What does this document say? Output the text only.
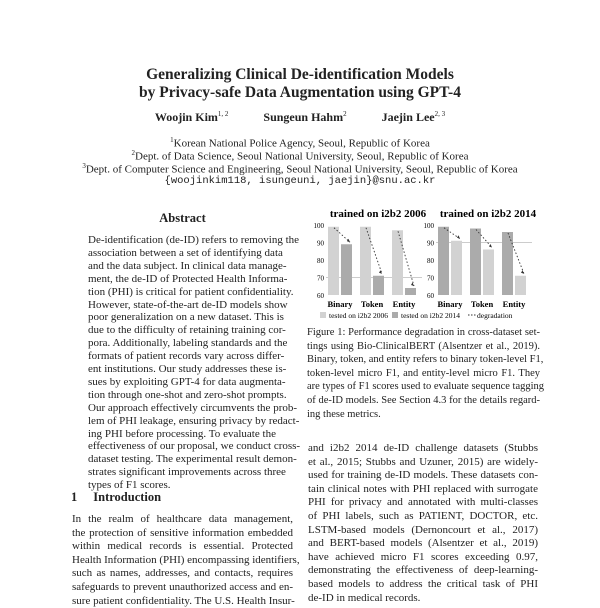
Generalizing Clinical De-identification Models
by Privacy-safe Data Augmentation using GPT-4
Woojin Kim$^{1, 2}$	Sungeun Hahm$^2$	Jaejin Lee$^{2, 3}$
$^1$Korean National Police Agency, Seoul, Republic of Korea
$^2$Dept. of Data Science, Seoul National University, Seoul, Republic of Korea
$^3$Dept. of Computer Science and Engineering, Seoul National University, Seoul, Republic of Korea
{woojinkim118, isungeuni, jaejin}@snu.ac.kr
Abstract
De-identification (de-ID) refers to removing the
association between a set of identifying data
and the data subject. In clinical data manage-
ment, the de-ID of Protected Health Informa-
tion (PHI) is critical for patient confidentiality.
However, state-of-the-art de-ID models show
poor generalization on a new dataset. This is
due to the difficulty of retaining training cor-
pora. Additionally, labeling standards and the
formats of patient records vary across differ-
ent institutions. Our study addresses these is-
sues by exploiting GPT-4 for data augmenta-
tion through one-shot and zero-shot prompts.
Our approach effectively circumvents the prob-
lem of PHI leakage, ensuring privacy by redact-
ing PHI before processing. To evaluate the
effectiveness of our proposal, we conduct cross-
dataset testing. The experimental result demon-
strates significant improvements across three
types of F1 scores.
1 Introduction
In the realm of healthcare data management,
the protection of sensitive information embedded
within medical records is essential. Protected
Health Information (PHI) encompassing identifiers,
such as names, addresses, and contacts, requires
safeguards to prevent unauthorized access and en-
sure patient confidentiality. The U.S. Health Insur-
trained on i2b2 2006
60
70
80
90
100
Binary Token Entity
trained on i2b2 2014
60
70
80
90
100
Binary Token Entity
tested on i2b2 2006 tested on i2b2 2014 degradation
Figure 1: Performance degradation in cross-dataset set-
tings using Bio-ClinicalBERT (Alsentzer et al., 2019).
Binary, token, and entity refers to binary token-level F1,
token-level micro F1, and entity-level micro F1. They
are types of F1 scores used to evaluate sequence tagging
of de-ID models. See Section 4.3 for the details regard-
ing these metrics.
and i2b2 2014 de-ID challenge datasets (Stubbs
et al., 2015; Stubbs and Uzuner, 2015) are widely-
used for training de-ID models. These datasets con-
tain clinical notes with PHI replaced with surrogate
PHI for privacy and annotated with multi-classes
of PHI labels, such as PATIENT, DOCTOR, etc.
LSTM-based models (Dernoncourt et al., 2017)
and BERT-based models (Alsentzer et al., 2019)
have achieved micro F1 scores exceeding 0.97,
demonstrating the effectiveness of deep-learning-
based models to address the critical task of PHI
de-ID in medical records.
